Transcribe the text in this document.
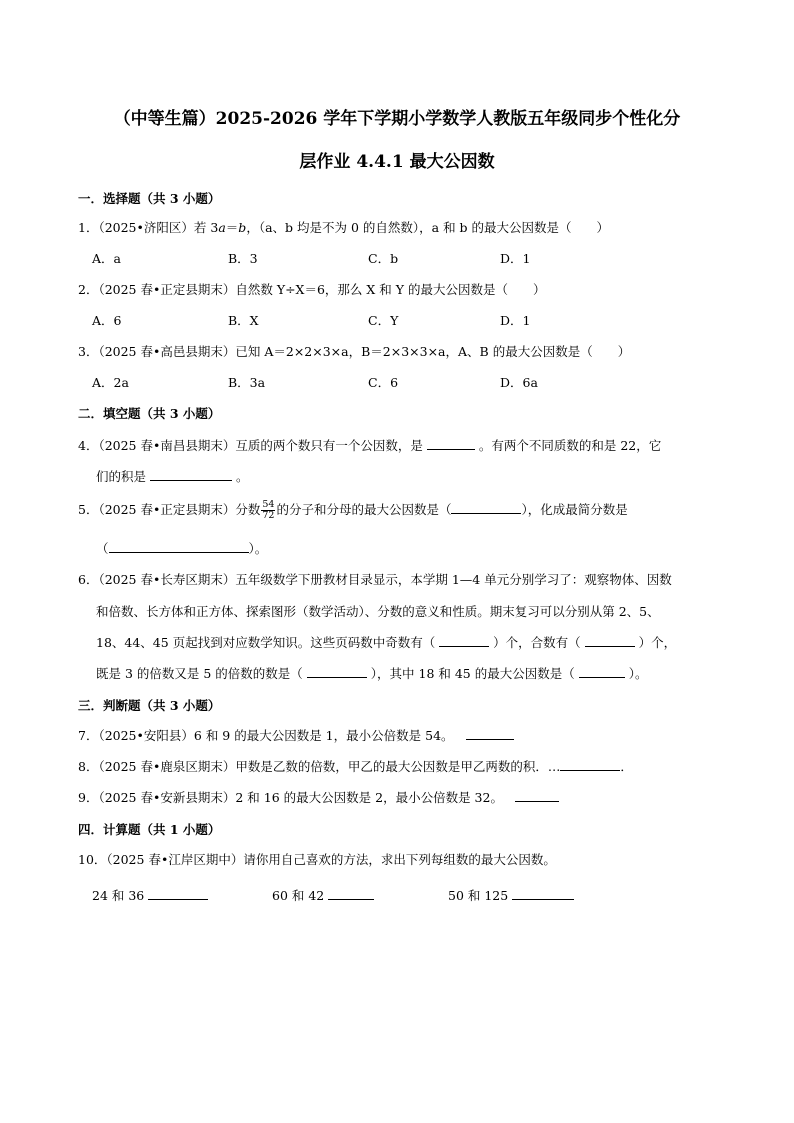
（中等生篇）2025-2026 学年下学期小学数学人教版五年级同步个性化分
层作业 4.4.1 最大公因数
一．选择题（共 3 小题）
1．（2025•济阳区）若 3a＝b，（a、b 均是不为 0 的自然数），a 和 b 的最大公因数是（　　）
A．a	B．3	C．b	D．1
2．（2025 春•正定县期末）自然数 Y÷X＝6，那么 X 和 Y 的最大公因数是（　　）
A．6	B．X	C．Y	D．1
3．（2025 春•高邑县期末）已知 A＝2×2×3×a，B＝2×3×3×a，A、B 的最大公因数是（　　）
A．2a	B．3a	C．6	D．6a
二．填空题（共 3 小题）
4．（2025 春•南昌县期末）互质的两个数只有一个公因数，是	。有两个不同质数的和是 22，它
们的积是	。
5．（2025 春•正定县期末）分数 $\frac{54}{72}$ 的分子和分母的最大公因数是（	），化成最简分数是
（	）。
6．（2025 春•长寿区期末）五年级数学下册教材目录显示，本学期 1—4 单元分别学习了：观察物体、因数
和倍数、长方体和正方体、探索图形（数学活动）、分数的意义和性质。期末复习可以分别从第 2、5、
18、44、45 页起找到对应数学知识。这些页码数中奇数有（	）个，合数有（	）个，
既是 3 的倍数又是 5 的倍数的数是（	），其中 18 和 45 的最大公因数是（	）。
三．判断题（共 3 小题）
7．（2025•安阳县）6 和 9 的最大公因数是 1，最小公倍数是 54。
8．（2025 春•鹿泉区期末）甲数是乙数的倍数，甲乙的最大公因数是甲乙两数的积．…	．
9．（2025 春•安新县期末）2 和 16 的最大公因数是 2，最小公倍数是 32。
四．计算题（共 1 小题）
10．（2025 春•江岸区期中）请你用自己喜欢的方法，求出下列每组数的最大公因数。
24 和 36	60 和 42	50 和 125
